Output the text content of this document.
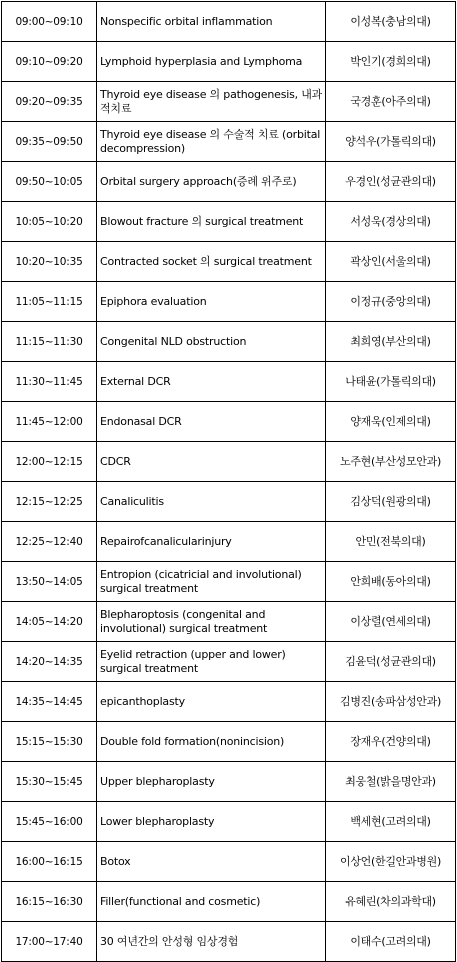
09:00~09:10	Nonspecific orbital inflammation	이성복(충남의대)
09:10~09:20	Lymphoid hyperplasia and Lymphoma	박인기(경희의대)
09:20~09:35	Thyroid eye disease 의 pathogenesis, 내과적치료	국경훈(아주의대)
09:35~09:50	Thyroid eye disease 의 수술적 치료 (orbital decompression)	양석우(가톨릭의대)
09:50~10:05	Orbital surgery approach(증례 위주로)	우경인(성균관의대)
10:05~10:20	Blowout fracture 의 surgical treatment	서성욱(경상의대)
10:20~10:35	Contracted socket 의 surgical treatment	곽상인(서울의대)
11:05~11:15	Epiphora evaluation	이정규(중앙의대)
11:15~11:30	Congenital NLD obstruction	최희영(부산의대)
11:30~11:45	External DCR	나태윤(가톨릭의대)
11:45~12:00	Endonasal DCR	양재욱(인제의대)
12:00~12:15	CDCR	노주현(부산성모안과)
12:15~12:25	Canaliculitis	김상덕(원광의대)
12:25~12:40	Repairofcanalicularinjury	안민(전북의대)
13:50~14:05	Entropion (cicatricial and involutional) surgical treatment	안희배(동아의대)
14:05~14:20	Blepharoptosis (congenital and involutional) surgical treatment	이상렬(연세의대)
14:20~14:35	Eyelid retraction (upper and lower) surgical treatment	김윤덕(성균관의대)
14:35~14:45	epicanthoplasty	김병진(송파삼성안과)
15:15~15:30	Double fold formation(nonincision)	장재우(건양의대)
15:30~15:45	Upper blepharoplasty	최웅철(밝을명안과)
15:45~16:00	Lower blepharoplasty	백세현(고려의대)
16:00~16:15	Botox	이상언(한길안과병원)
16:15~16:30	Filler(functional and cosmetic)	유혜린(차의과학대)
17:00~17:40	30 여년간의 안성형 임상경험	이태수(고려의대)
